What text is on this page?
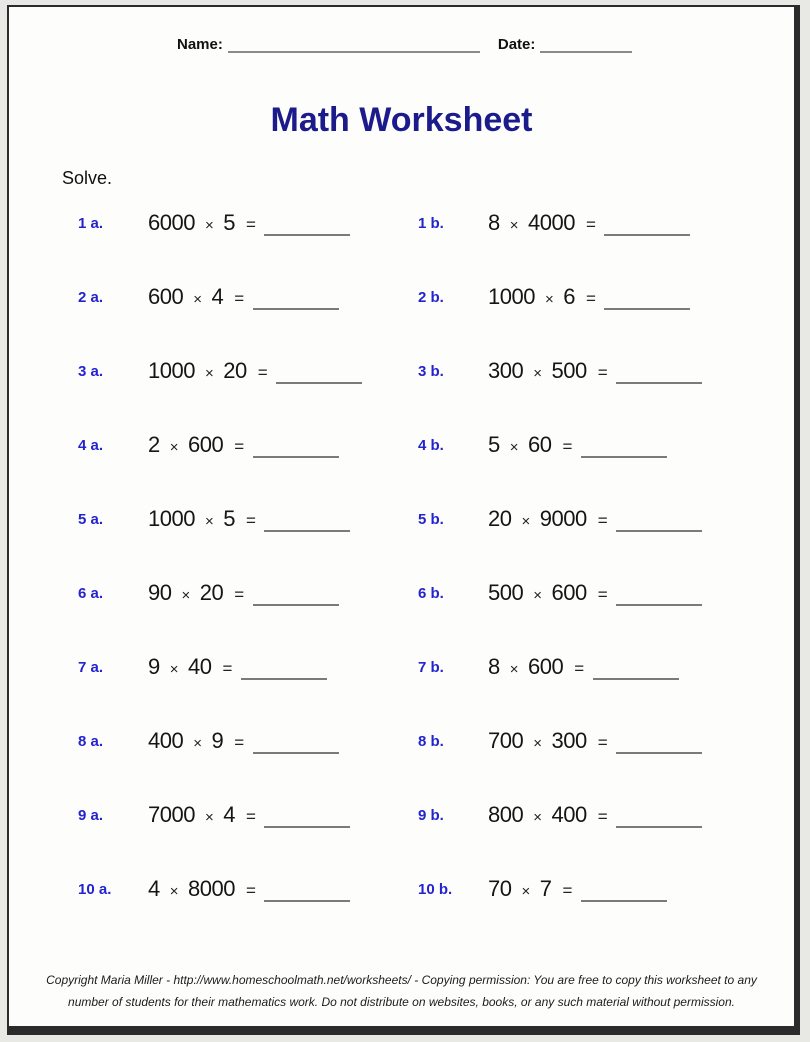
Name:	Date:
Math Worksheet
Solve.
1 a. 6000 × 5 =	1 b. 8 × 4000 =
2 a. 600 × 4 =	2 b. 1000 × 6 =
3 a. 1000 × 20 =	3 b. 300 × 500 =
4 a. 2 × 600 =	4 b. 5 × 60 =
5 a. 1000 × 5 =	5 b. 20 × 9000 =
6 a. 90 × 20 =	6 b. 500 × 600 =
7 a. 9 × 40 =	7 b. 8 × 600 =
8 a. 400 × 9 =	8 b. 700 × 300 =
9 a. 7000 × 4 =	9 b. 800 × 400 =
10 a. 4 × 8000 =	10 b. 70 × 7 =
Copyright Maria Miller - http://www.homeschoolmath.net/worksheets/ - Copying permission: You are free to copy this worksheet to any
number of students for their mathematics work. Do not distribute on websites, books, or any such material without permission.
